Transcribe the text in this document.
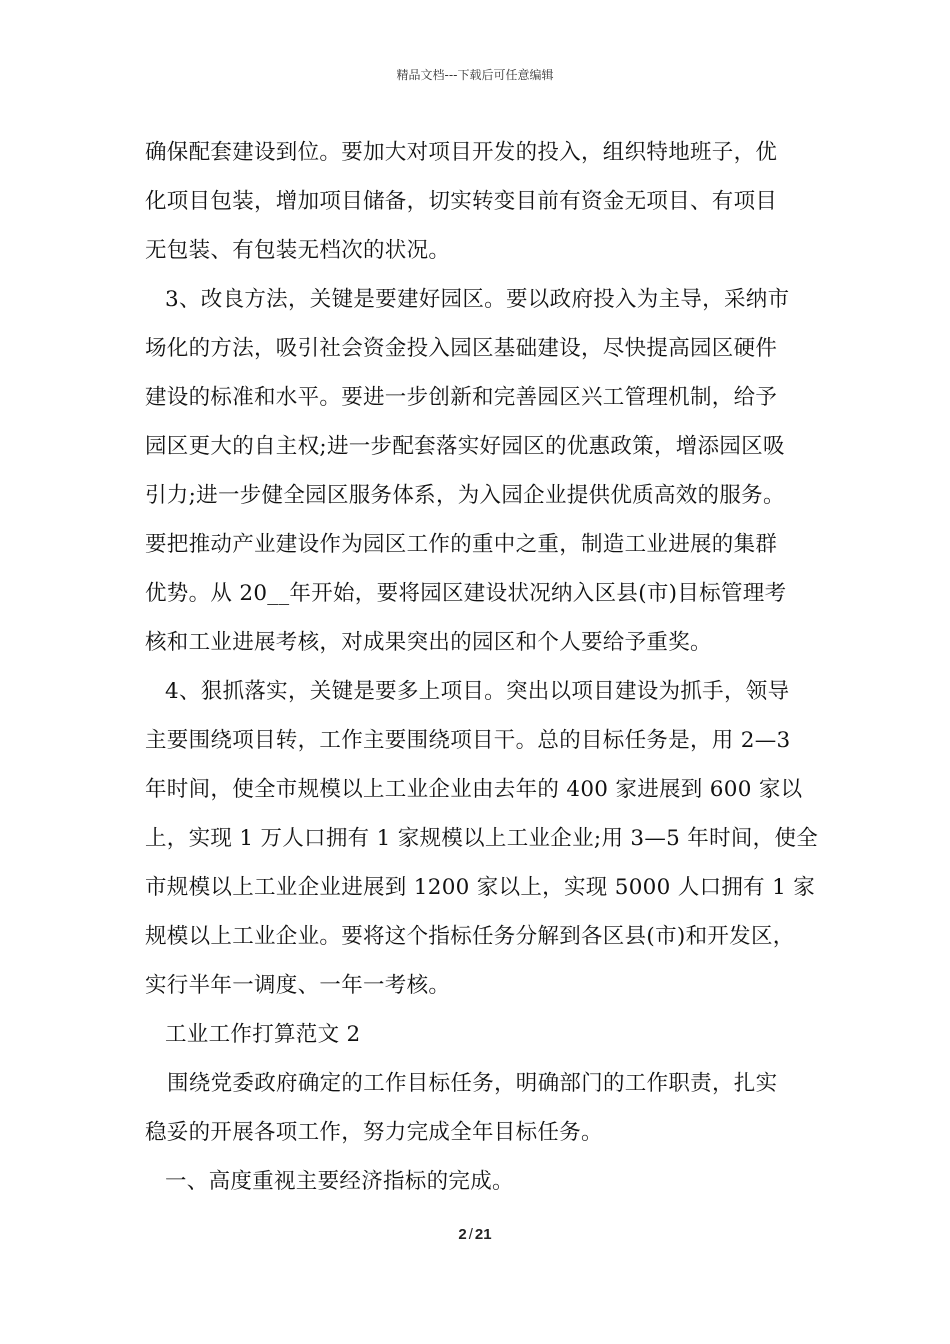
精品文档---下载后可任意编辑
确保配套建设到位。要加大对项目开发的投入，组织特地班子，优
化项目包装，增加项目储备，切实转变目前有资金无项目、有项目
无包装、有包装无档次的状况。
3、改良方法，关键是要建好园区。要以政府投入为主导，采纳市
场化的方法，吸引社会资金投入园区基础建设，尽快提高园区硬件
建设的标准和水平。要进一步创新和完善园区兴工管理机制，给予
园区更大的自主权;进一步配套落实好园区的优惠政策，增添园区吸
引力;进一步健全园区服务体系，为入园企业提供优质高效的服务。
要把推动产业建设作为园区工作的重中之重，制造工业进展的集群
优势。从 20__年开始，要将园区建设状况纳入区县(市)目标管理考
核和工业进展考核，对成果突出的园区和个人要给予重奖。
4、狠抓落实，关键是要多上项目。突出以项目建设为抓手，领导
主要围绕项目转，工作主要围绕项目干。总的目标任务是，用 2—3
年时间，使全市规模以上工业企业由去年的 400 家进展到 600 家以
上，实现 1 万人口拥有 1 家规模以上工业企业;用 3—5 年时间，使全
市规模以上工业企业进展到 1200 家以上，实现 5000 人口拥有 1 家
规模以上工业企业。要将这个指标任务分解到各区县(市)和开发区，
实行半年一调度、一年一考核。
工业工作打算范文 2
围绕党委政府确定的工作目标任务，明确部门的工作职责，扎实
稳妥的开展各项工作，努力完成全年目标任务。
一、高度重视主要经济指标的完成。
2 / 21
